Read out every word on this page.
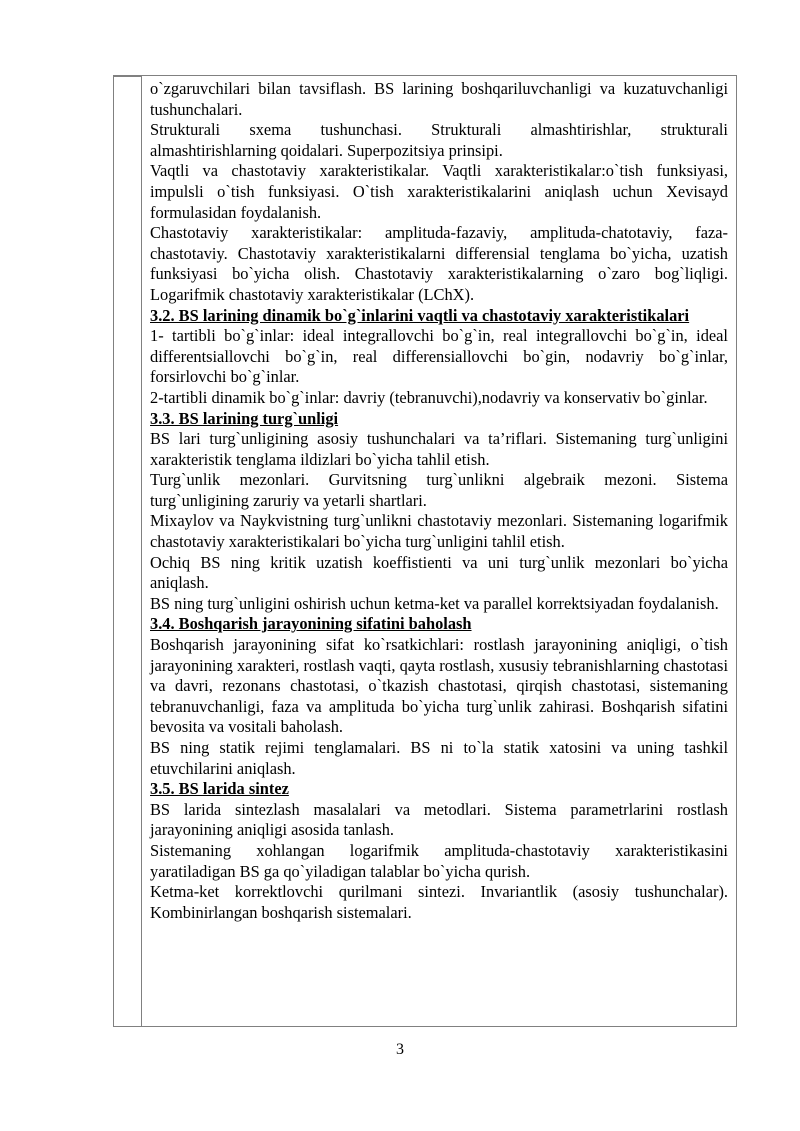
o`zgaruvchilari bilan tavsiflash. BS larining boshqariluvchanligi va kuzatuvchanligi tushunchalari.

Strukturali sxema tushunchasi. Strukturali almashtirishlar, strukturali almashtirishlarning qoidalari. Superpozitsiya prinsipi.

Vaqtli va chastotaviy xarakteristikalar. Vaqtli xarakteristikalar:o`tish funksiyasi, impulsli o`tish funksiyasi. O`tish xarakteristikalarini aniqlash uchun Xevisayd formulasidan foydalanish.

Chastotaviy xarakteristikalar: amplituda-fazaviy, amplituda-chatotaviy, faza-chastotaviy. Chastotaviy xarakteristikalarni differensial tenglama bo`yicha, uzatish funksiyasi bo`yicha olish. Chastotaviy xarakteristikalarning o`zaro bog`liqligi. Logarifmik chastotaviy xarakteristikalar (LChX).

3.2. BS larining dinamik bo`g`inlarini vaqtli va chastotaviy xarakteristikalari

1- tartibli bo`g`inlar: ideal integrallovchi bo`g`in, real integrallovchi bo`g`in, ideal differentsiallovchi bo`g`in, real differensiallovchi bo`gin, nodavriy bo`g`inlar, forsirlovchi bo`g`inlar.

2-tartibli dinamik bo`g`inlar: davriy (tebranuvchi),nodavriy va konservativ bo`ginlar.

3.3. BS larining turg`unligi

BS lari turg`unligining asosiy tushunchalari va ta’riflari. Sistemaning turg`unligini xarakteristik tenglama ildizlari bo`yicha tahlil etish.

Turg`unlik mezonlari. Gurvitsning turg`unlikni algebraik mezoni. Sistema turg`unligining zaruriy va yetarli shartlari.

Mixaylov va Naykvistning turg`unlikni chastotaviy mezonlari. Sistemaning logarifmik chastotaviy xarakteristikalari bo`yicha turg`unligini tahlil etish.

Ochiq BS ning kritik uzatish koeffistienti va uni turg`unlik mezonlari bo`yicha aniqlash.

BS ning turg`unligini oshirish uchun ketma-ket va parallel korrektsiyadan foydalanish.

3.4. Boshqarish jarayonining sifatini baholash

Boshqarish jarayonining sifat ko`rsatkichlari: rostlash jarayonining aniqligi, o`tish jarayonining xarakteri, rostlash vaqti, qayta rostlash, xususiy tebranishlarning chastotasi va davri, rezonans chastotasi, o`tkazish chastotasi, qirqish chastotasi, sistemaning tebranuvchanligi, faza va amplituda bo`yicha turg`unlik zahirasi. Boshqarish sifatini bevosita va vositali baholash.

BS ning statik rejimi tenglamalari. BS ni to`la statik xatosini va uning tashkil etuvchilarini aniqlash.

3.5. BS larida sintez

BS larida sintezlash masalalari va metodlari. Sistema parametrlarini rostlash jarayonining aniqligi asosida tanlash.

Sistemaning xohlangan logarifmik amplituda-chastotaviy xarakteristikasini yaratiladigan BS ga qo`yiladigan talablar bo`yicha qurish.

Ketma-ket korrektlovchi qurilmani sintezi. Invariantlik (asosiy tushunchalar). Kombinirlangan boshqarish sistemalari.

3
